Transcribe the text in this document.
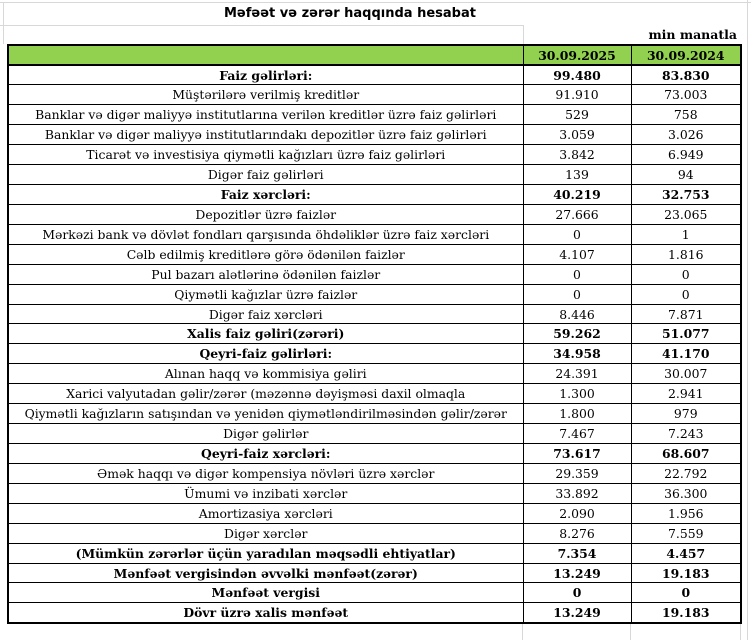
Məfəət və zərər haqqında hesabat
min manatla
	30.09.2025	30.09.2024
Faiz gəlirləri:	99.480	83.830
Müştərilərə verilmiş kreditlər	91.910	73.003
Banklar və digər maliyyə institutlarına verilən kreditlər üzrə faiz gəlirləri	529	758
Banklar və digər maliyyə institutlarındakı depozitlər üzrə faiz gəlirləri	3.059	3.026
Ticarət və investisiya qiymətli kağızları üzrə faiz gəlirləri	3.842	6.949
Digər faiz gəlirləri	139	94
Faiz xərcləri:	40.219	32.753
Depozitlər üzrə faizlər	27.666	23.065
Mərkəzi bank və dövlət fondları qarşısında öhdəliklər üzrə faiz xərcləri	0	1
Cəlb edilmiş kreditlərə görə ödənilən faizlər	4.107	1.816
Pul bazarı alətlərinə ödənilən faizlər	0	0
Qiymətli kağızlar üzrə faizlər	0	0
Digər faiz xərcləri	8.446	7.871
Xalis faiz gəliri(zərəri)	59.262	51.077
Qeyri-faiz gəlirləri:	34.958	41.170
Alınan haqq və kommisiya gəliri	24.391	30.007
Xarici valyutadan gəlir/zərər (məzənnə dəyişməsi daxil olmaqla	1.300	2.941
Qiymətli kağızların satışından və yenidən qiymətləndirilməsindən gəlir/zərər	1.800	979
Digər gəlirlər	7.467	7.243
Qeyri-faiz xərcləri:	73.617	68.607
Əmək haqqı və digər kompensiya növləri üzrə xərclər	29.359	22.792
Ümumi və inzibati xərclər	33.892	36.300
Amortizasiya xərcləri	2.090	1.956
Digər xərclər	8.276	7.559
(Mümkün zərərlər üçün yaradılan məqsədli ehtiyatlar)	7.354	4.457
Mənfəət vergisindən əvvəlki mənfəət(zərər)	13.249	19.183
Mənfəət vergisi	0	0
Dövr üzrə xalis mənfəət	13.249	19.183
